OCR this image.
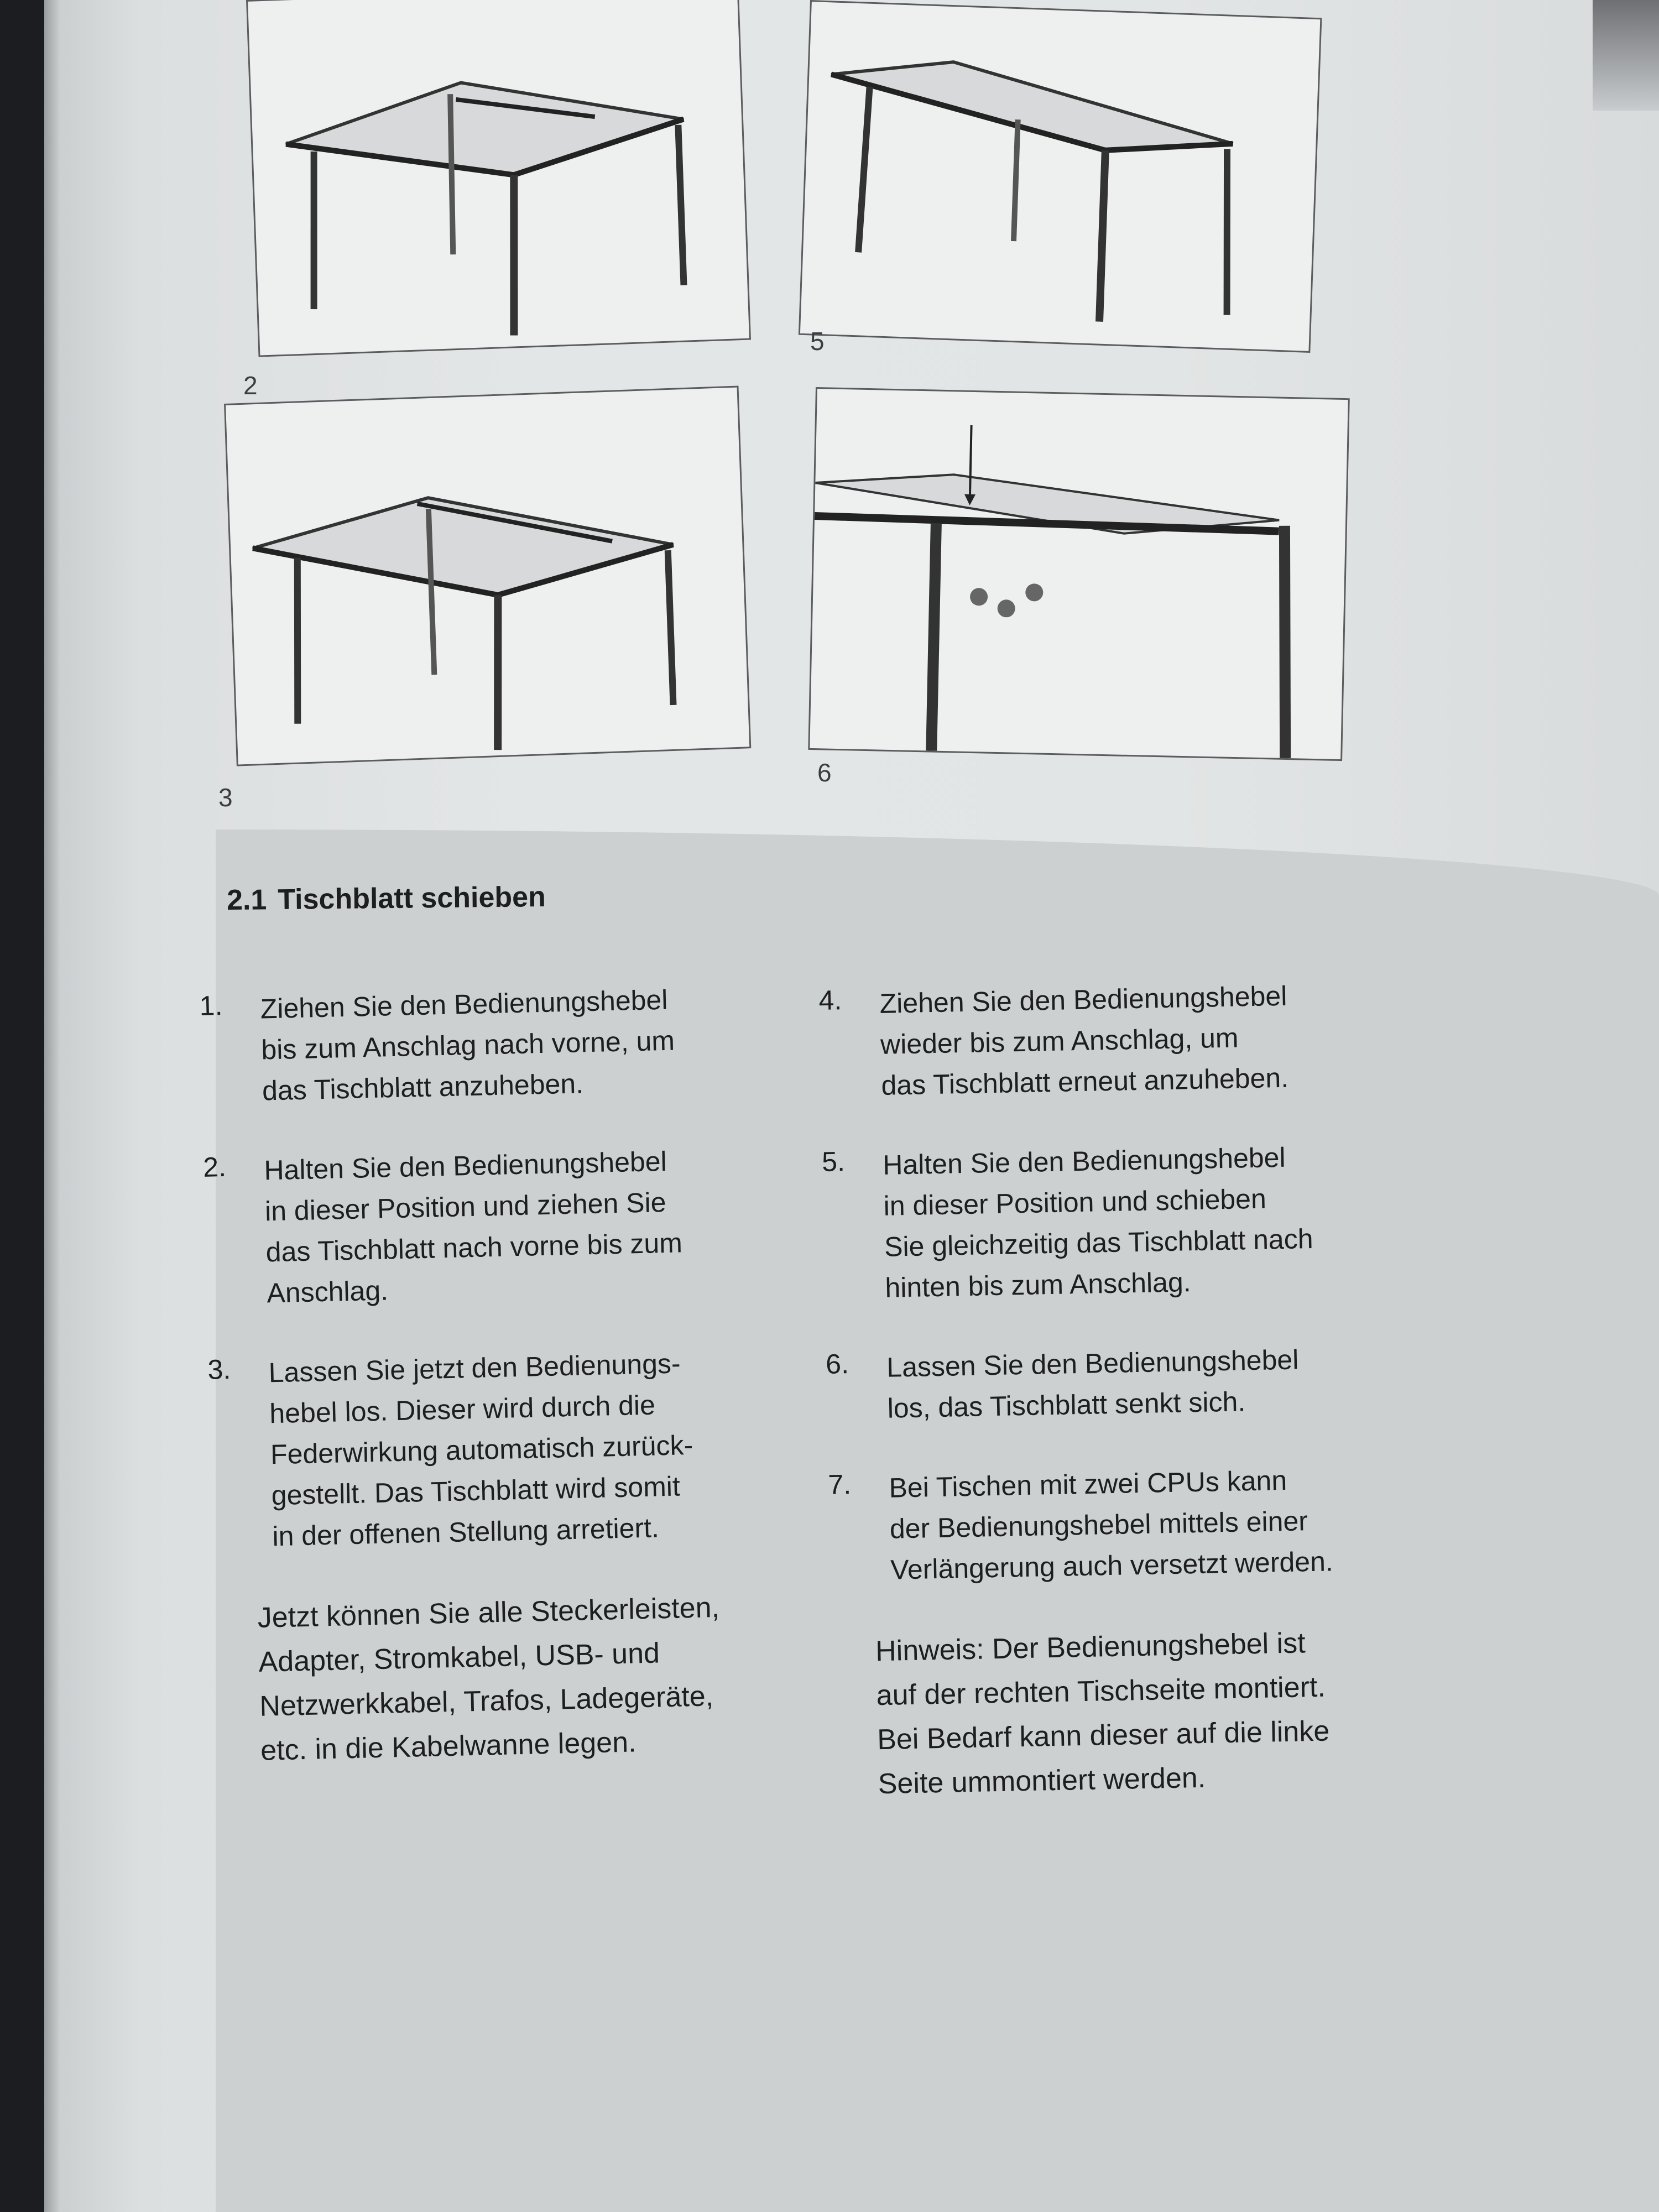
2
3
5
6
2.1 Tischblatt schieben
1. Ziehen Sie den Bedienungshebel
bis zum Anschlag nach vorne, um
das Tischblatt anzuheben.
2. Halten Sie den Bedienungshebel
in dieser Position und ziehen Sie
das Tischblatt nach vorne bis zum
Anschlag.
3. Lassen Sie jetzt den Bedienungs-
hebel los. Dieser wird durch die
Federwirkung automatisch zurück-
gestellt. Das Tischblatt wird somit
in der offenen Stellung arretiert.
Jetzt können Sie alle Steckerleisten,
Adapter, Stromkabel, USB- und
Netzwerkkabel, Trafos, Ladegeräte,
etc. in die Kabelwanne legen.
4. Ziehen Sie den Bedienungshebel
wieder bis zum Anschlag, um
das Tischblatt erneut anzuheben.
5. Halten Sie den Bedienungshebel
in dieser Position und schieben
Sie gleichzeitig das Tischblatt nach
hinten bis zum Anschlag.
6. Lassen Sie den Bedienungshebel
los, das Tischblatt senkt sich.
7. Bei Tischen mit zwei CPUs kann
der Bedienungshebel mittels einer
Verlängerung auch versetzt werden.
Hinweis: Der Bedienungshebel ist
auf der rechten Tischseite montiert.
Bei Bedarf kann dieser auf die linke
Seite ummontiert werden.
